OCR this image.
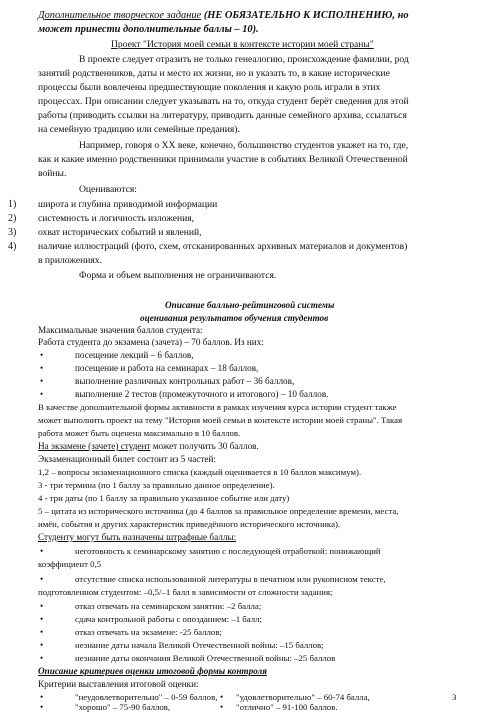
Дополнительное творческое задание (НЕ ОБЯЗАТЕЛЬНО К ИСПОЛНЕНИЮ, но
может принести дополнительные баллы – 10).
Проект "История моей семьи в контексте истории моей страны"
В проекте следует отразить не только генеалогию, происхождение фамилии, род
занятий родственников, даты и место их жизни, но и указать то, в какие исторические
процессы были вовлечены предшествующие поколения и какую роль играли в этих
процессах. При описании следует указывать на то, откуда студент берёт сведения для этой
работы (приводить ссылки на литературу, приводить данные семейного архива, ссылаться
на семейную традицию или семейные предания).
Например, говоря о XX веке, конечно, большинство студентов укажет на то, где,
как и какие именно родственники принимали участие в событиях Великой Отечественной
войны.
Оцениваются:
1) широта и глубина приводимой информации
2) системность и логичность изложения,
3) охват исторических событий и явлений,
4) наличие иллюстраций (фото, схем, отсканированных архивных материалов и документов)
в приложениях.
Форма и объем выполнения не ограничиваются.
Описание балльно-рейтинговой системы
оценивания результатов обучения студентов
Максимальные значения баллов студента:
Работа студента до экзамена (зачета) – 70 баллов. Из них:
•	посещение лекций – 6 баллов,
•	посещение и работа на семинарах – 18 баллов,
•	выполнение различных контрольных работ – 36 баллов,
•	выполнение 2 тестов (промежуточного и итогового) – 10 баллов.
В качестве дополнительной формы активности в рамках изучения курса истории студент также
может выполнить проект на тему "История моей семьи в контексте истории моей страны". Такая
работа может быть оценена максимально в 10 баллов.
На экзамене (зачете) студент может получить 30 баллов.
Экзаменационный билет состоит из 5 частей:
1,2 – вопросы экзаменационного списка (каждый оценивается в 10 баллов максимум).
3 - три термина (по 1 баллу за правильно данное определение).
4 - три даты (по 1 баллу за правильно указанное событие или дату)
5 – цитата из исторического источника (до 4 баллов за правильное определение времени, места,
имён, события и других характеристик приведённого исторического источника).
Студенту могут быть назначены штрафные баллы:
•	неготовность к семинарскому занятию с последующей отработкой: понижающий
коэффициент 0,5
•	отсутствие списка использованной литературы в печатном или рукописном тексте,
подготовленном студентом: –0,5/–1 балл в зависимости от сложности задания;
•	отказ отвечать на семинарском занятии: –2 балла;
•	сдача контрольной работы с опозданием: –1 балл;
•	отказ отвечать на экзамене: -25 баллов;
•	незнание даты начала Великой Отечественной войны: –15 баллов;
•	незнание даты окончания Великой Отечественной войны: –25 баллов
Описание критериев оценки итоговой формы контроля
Критерии выставления итоговой оценки:
•	"неудовлетворительно" – 0-59 баллов, • "удовлетворительно" – 60-74 балла,
•	"хорошо" – 75-90 баллов,	• "отлично" – 91-100 баллов.
3
